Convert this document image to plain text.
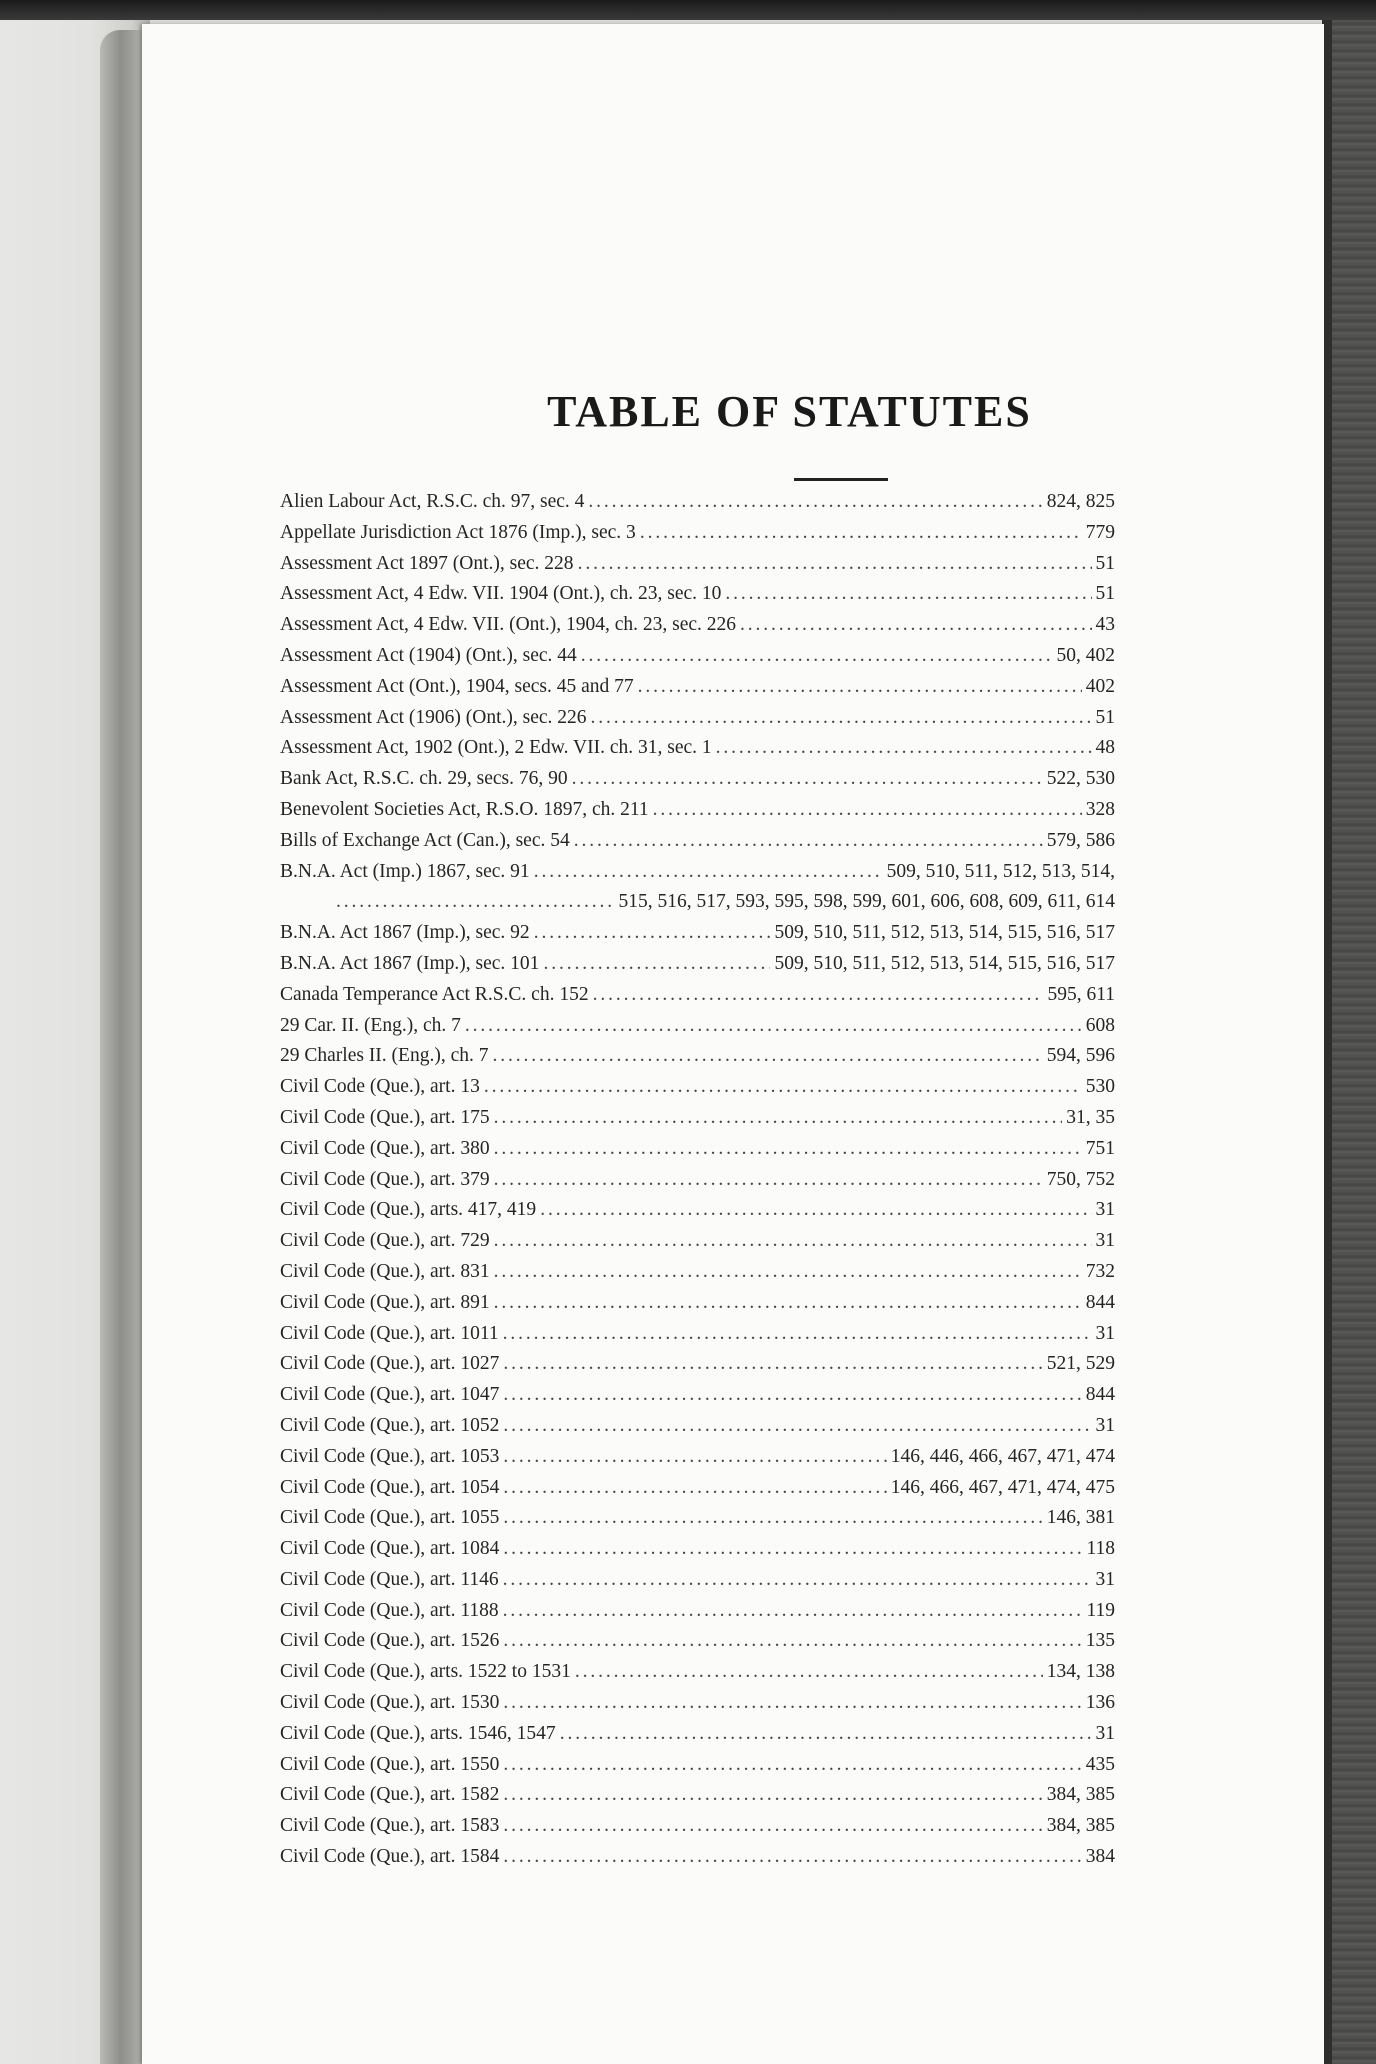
TABLE OF STATUTES
Alien Labour Act, R.S.C. ch. 97, sec. 4 . . .	824, 825
Appellate Jurisdiction Act 1876 (Imp.), sec. 3 . . .	779
Assessment Act 1897 (Ont.), sec. 228 . . .	51
Assessment Act, 4 Edw. VII. 1904 (Ont.), ch. 23, sec. 10 . . .	51
Assessment Act, 4 Edw. VII. (Ont.), 1904, ch. 23, sec. 226 . . .	43
Assessment Act (1904) (Ont.), sec. 44 . . .	50, 402
Assessment Act (Ont.), 1904, secs. 45 and 77 . . .	402
Assessment Act (1906) (Ont.), sec. 226 . . .	51
Assessment Act, 1902 (Ont.), 2 Edw. VII. ch. 31, sec. 1 . . .	48
Bank Act, R.S.C. ch. 29, secs. 76, 90 . . .	522, 530
Benevolent Societies Act, R.S.O. 1897, ch. 211 . . .	328
Bills of Exchange Act (Can.), sec. 54 . . .	579, 586
B.N.A. Act (Imp.) 1867, sec. 91 . . .	509, 510, 511, 512, 513, 514,
. . .
515, 516, 517, 593, 595, 598, 599, 601, 606, 608, 609, 611, 614
B.N.A. Act 1867 (Imp.), sec. 92 . . .	509, 510, 511, 512, 513, 514, 515, 516, 517
B.N.A. Act 1867 (Imp.), sec. 101 . . .	509, 510, 511, 512, 513, 514, 515, 516, 517
Canada Temperance Act R.S.C. ch. 152 . . .	595, 611
29 Car. II. (Eng.), ch. 7 . . .	608
29 Charles II. (Eng.), ch. 7 . . .	594, 596
Civil Code (Que.), art. 13 . . .	530
Civil Code (Que.), art. 175 . . .	31, 35
Civil Code (Que.), art. 380 . . .	751
Civil Code (Que.), art. 379 . . .	750, 752
Civil Code (Que.), arts. 417, 419 . . .	31
Civil Code (Que.), art. 729 . . .	31
Civil Code (Que.), art. 831 . . .	732
Civil Code (Que.), art. 891 . . .	844
Civil Code (Que.), art. 1011 . . .	31
Civil Code (Que.), art. 1027 . . .	521, 529
Civil Code (Que.), art. 1047 . . .	844
Civil Code (Que.), art. 1052 . . .	31
Civil Code (Que.), art. 1053 . . .	146, 446, 466, 467, 471, 474
Civil Code (Que.), art. 1054 . . .	146, 466, 467, 471, 474, 475
Civil Code (Que.), art. 1055 . . .	146, 381
Civil Code (Que.), art. 1084 . . .	118
Civil Code (Que.), art. 1146 . . .	31
Civil Code (Que.), art. 1188 . . .	119
Civil Code (Que.), art. 1526 . . .	135
Civil Code (Que.), arts. 1522 to 1531 . . .	134, 138
Civil Code (Que.), art. 1530 . . .	136
Civil Code (Que.), arts. 1546, 1547 . . .	31
Civil Code (Que.), art. 1550 . . .	435
Civil Code (Que.), art. 1582 . . .	384, 385
Civil Code (Que.), art. 1583 . . .	384, 385
Civil Code (Que.), art. 1584 . . .	384
